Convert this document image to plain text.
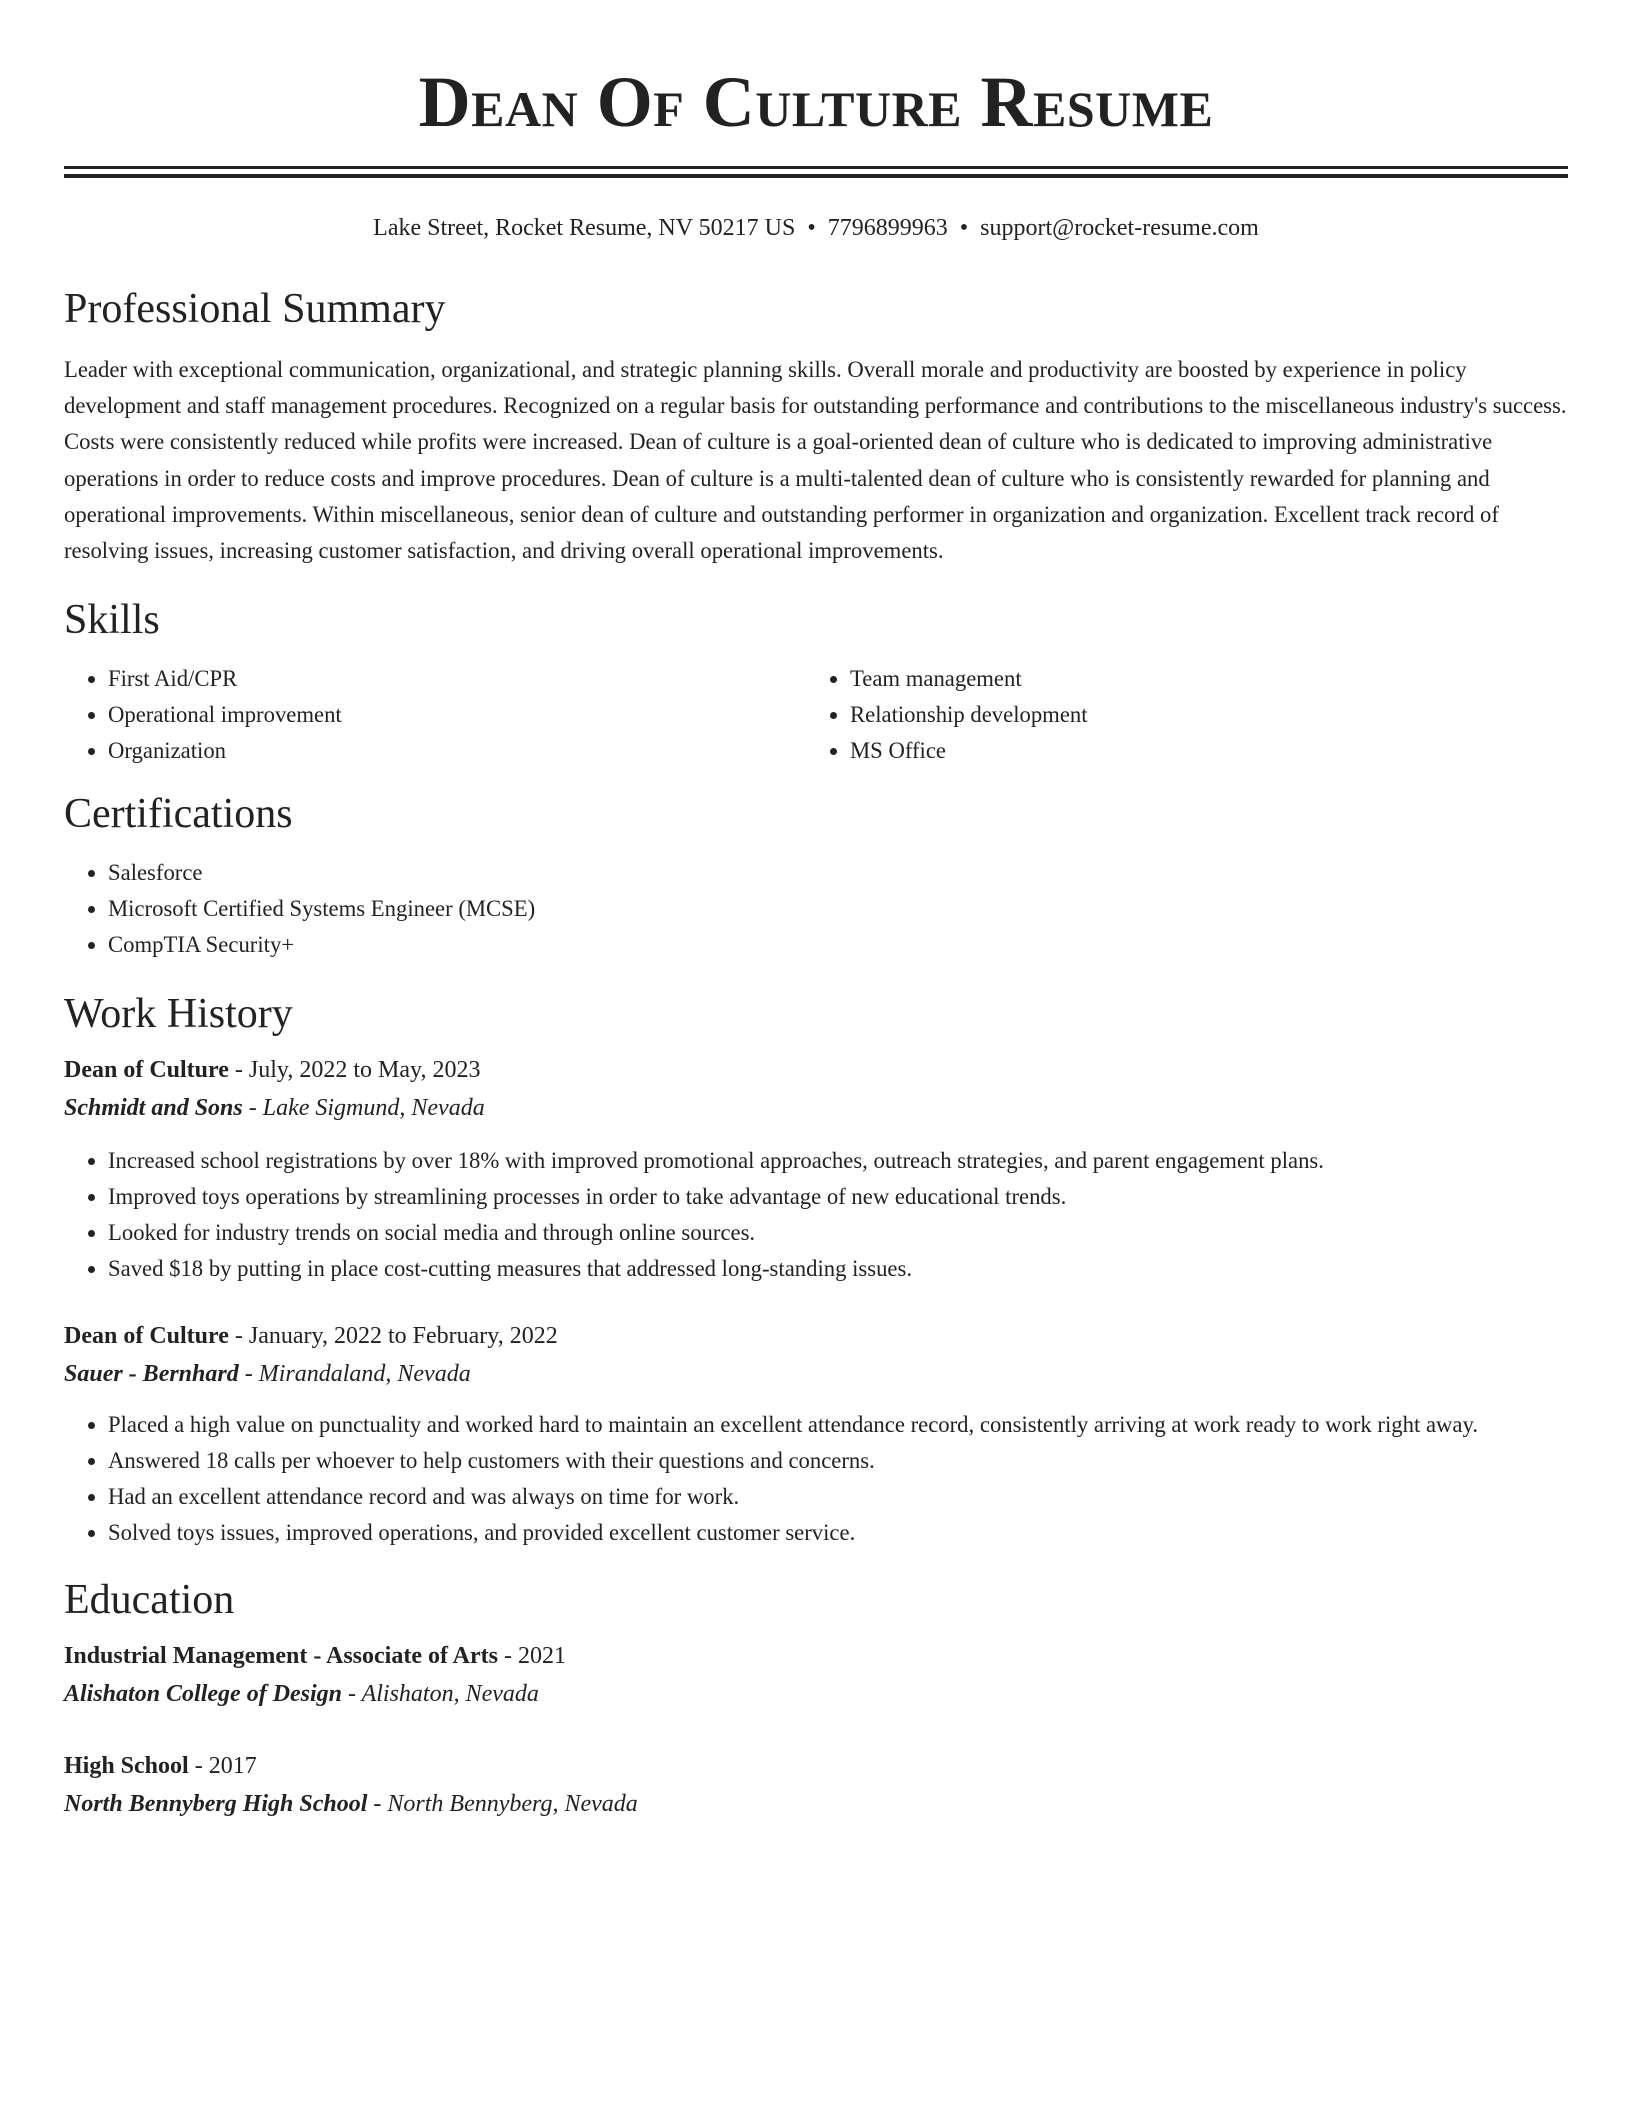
Dean Of Culture Resume
Lake Street, Rocket Resume, NV 50217 US • 7796899963 • support@rocket-resume.com
Professional Summary

Leader with exceptional communication, organizational, and strategic planning skills. Overall morale and productivity are boosted by experience in policy development and staff management procedures. Recognized on a regular basis for outstanding performance and contributions to the miscellaneous industry's success. Costs were consistently reduced while profits were increased. Dean of culture is a goal-oriented dean of culture who is dedicated to improving administrative operations in order to reduce costs and improve procedures. Dean of culture is a multi-talented dean of culture who is consistently rewarded for planning and operational improvements. Within miscellaneous, senior dean of culture and outstanding performer in organization and organization. Excellent track record of resolving issues, increasing customer satisfaction, and driving overall operational improvements.

Skills
• First Aid/CPR
• Operational improvement
• Organization
• Team management
• Relationship development
• MS Office
Certifications
• Salesforce
• Microsoft Certified Systems Engineer (MCSE)
• CompTIA Security+
Work History
Dean of Culture - July, 2022 to May, 2023
Schmidt and Sons - Lake Sigmund, Nevada
• Increased school registrations by over 18% with improved promotional approaches, outreach strategies, and parent engagement plans.
• Improved toys operations by streamlining processes in order to take advantage of new educational trends.
• Looked for industry trends on social media and through online sources.
• Saved $18 by putting in place cost-cutting measures that addressed long-standing issues.
Dean of Culture - January, 2022 to February, 2022
Sauer - Bernhard - Mirandaland, Nevada
• Placed a high value on punctuality and worked hard to maintain an excellent attendance record, consistently arriving at work ready to work right away.
• Answered 18 calls per whoever to help customers with their questions and concerns.
• Had an excellent attendance record and was always on time for work.
• Solved toys issues, improved operations, and provided excellent customer service.
Education
Industrial Management - Associate of Arts - 2021
Alishaton College of Design - Alishaton, Nevada
High School - 2017
North Bennyberg High School - North Bennyberg, Nevada
